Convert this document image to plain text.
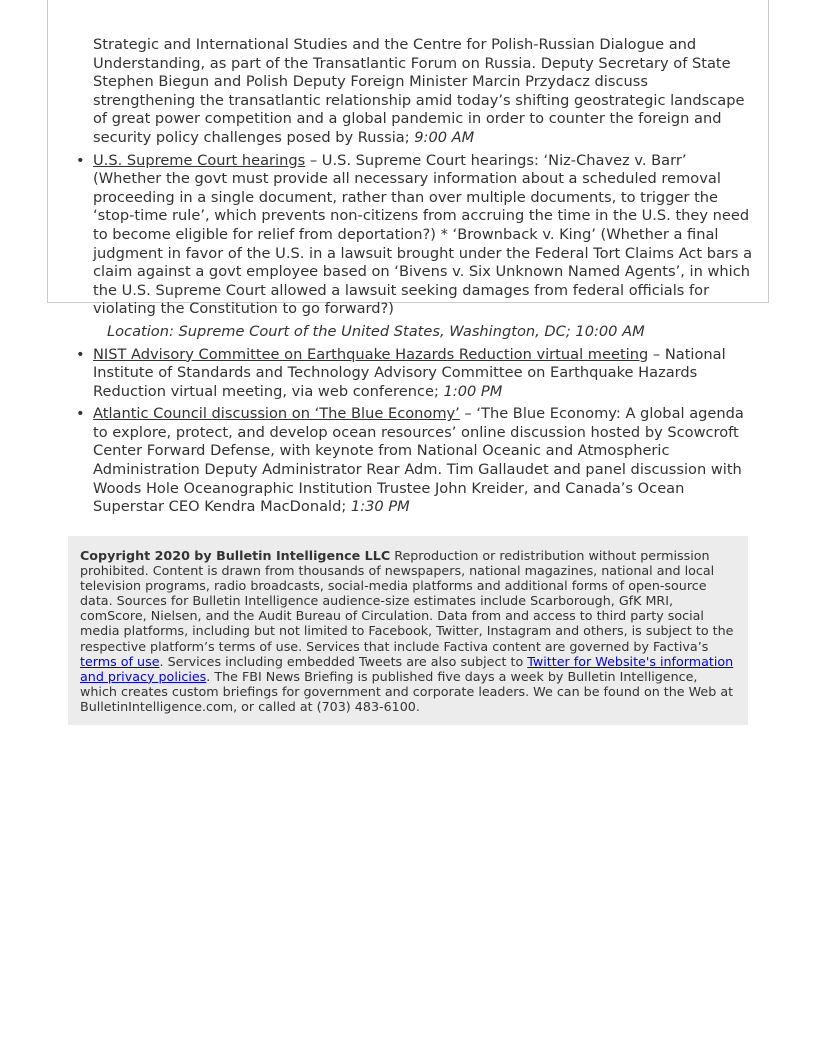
Strategic and International Studies and the Centre for Polish-Russian Dialogue and Understanding, as part of the Transatlantic Forum on Russia. Deputy Secretary of State Stephen Biegun and Polish Deputy Foreign Minister Marcin Przydacz discuss strengthening the transatlantic relationship amid today’s shifting geostrategic landscape of great power competition and a global pandemic in order to counter the foreign and security policy challenges posed by Russia; 9:00 AM
• U.S. Supreme Court hearings – U.S. Supreme Court hearings: ‘Niz-Chavez v. Barr’ (Whether the govt must provide all necessary information about a scheduled removal proceeding in a single document, rather than over multiple documents, to trigger the ‘stop-time rule’, which prevents non-citizens from accruing the time in the U.S. they need to become eligible for relief from deportation?) * ‘Brownback v. King’ (Whether a final judgment in favor of the U.S. in a lawsuit brought under the Federal Tort Claims Act bars a claim against a govt employee based on ‘Bivens v. Six Unknown Named Agents’, in which the U.S. Supreme Court allowed a lawsuit seeking damages from federal officials for violating the Constitution to go forward?)
Location: Supreme Court of the United States, Washington, DC; 10:00 AM
• NIST Advisory Committee on Earthquake Hazards Reduction virtual meeting – National Institute of Standards and Technology Advisory Committee on Earthquake Hazards Reduction virtual meeting, via web conference; 1:00 PM
• Atlantic Council discussion on ‘The Blue Economy’ – ‘The Blue Economy: A global agenda to explore, protect, and develop ocean resources’ online discussion hosted by Scowcroft Center Forward Defense, with keynote from National Oceanic and Atmospheric Administration Deputy Administrator Rear Adm. Tim Gallaudet and panel discussion with Woods Hole Oceanographic Institution Trustee John Kreider, and Canada’s Ocean Superstar CEO Kendra MacDonald; 1:30 PM
Copyright 2020 by Bulletin Intelligence LLC Reproduction or redistribution without permission prohibited. Content is drawn from thousands of newspapers, national magazines, national and local television programs, radio broadcasts, social-media platforms and additional forms of open-source data. Sources for Bulletin Intelligence audience-size estimates include Scarborough, GfK MRI, comScore, Nielsen, and the Audit Bureau of Circulation. Data from and access to third party social media platforms, including but not limited to Facebook, Twitter, Instagram and others, is subject to the respective platform’s terms of use. Services that include Factiva content are governed by Factiva’s terms of use. Services including embedded Tweets are also subject to Twitter for Website's information and privacy policies. The FBI News Briefing is published five days a week by Bulletin Intelligence, which creates custom briefings for government and corporate leaders. We can be found on the Web at BulletinIntelligence.com, or called at (703) 483-6100.
